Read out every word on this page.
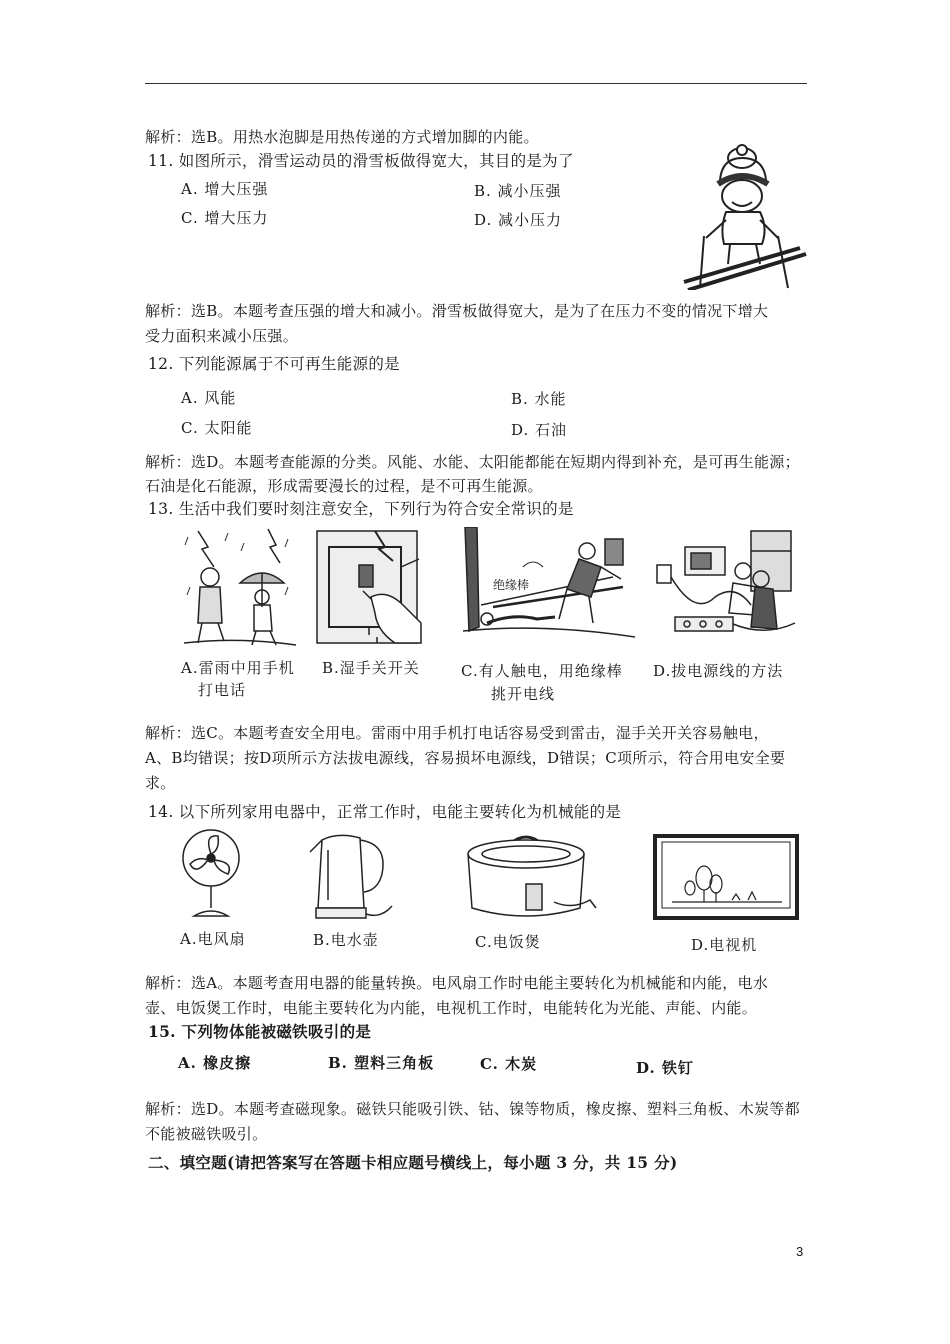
解析：选B。用热水泡脚是用热传递的方式增加脚的内能。
11. 如图所示，滑雪运动员的滑雪板做得宽大，其目的是为了
A. 增大压强	B. 减小压强
C. 增大压力	D. 减小压力
解析：选B。本题考查压强的增大和减小。滑雪板做得宽大，是为了在压力不变的情况下增大
受力面积来减小压强。
12. 下列能源属于不可再生能源的是
A. 风能	B. 水能
C. 太阳能	D. 石油
解析：选D。本题考查能源的分类。风能、水能、太阳能都能在短期内得到补充，是可再生能源；
石油是化石能源，形成需要漫长的过程，是不可再生能源。
13. 生活中我们要时刻注意安全，下列行为符合安全常识的是
绝缘棒
A.雷雨中用手机
打电话
B.湿手关开关	C.有人触电，用绝缘棒
挑开电线
D.拔电源线的方法
解析：选C。本题考查安全用电。雷雨中用手机打电话容易受到雷击，湿手关开关容易触电，
A、B均错误；按D项所示方法拔电源线，容易损坏电源线，D错误；C项所示，符合用电安全要
求。
14. 以下所列家用电器中，正常工作时，电能主要转化为机械能的是
A.电风扇	B.电水壶	C.电饭煲	D.电视机
解析：选A。本题考查用电器的能量转换。电风扇工作时电能主要转化为机械能和内能，电水
壶、电饭煲工作时，电能主要转化为内能，电视机工作时，电能转化为光能、声能、内能。
15. 下列物体能被磁铁吸引的是
A. 橡皮擦	B. 塑料三角板	C. 木炭	D. 铁钉
解析：选D。本题考查磁现象。磁铁只能吸引铁、钴、镍等物质，橡皮擦、塑料三角板、木炭等都
不能被磁铁吸引。
二、填空题(请把答案写在答题卡相应题号横线上，每小题 3 分，共 15 分)
3
